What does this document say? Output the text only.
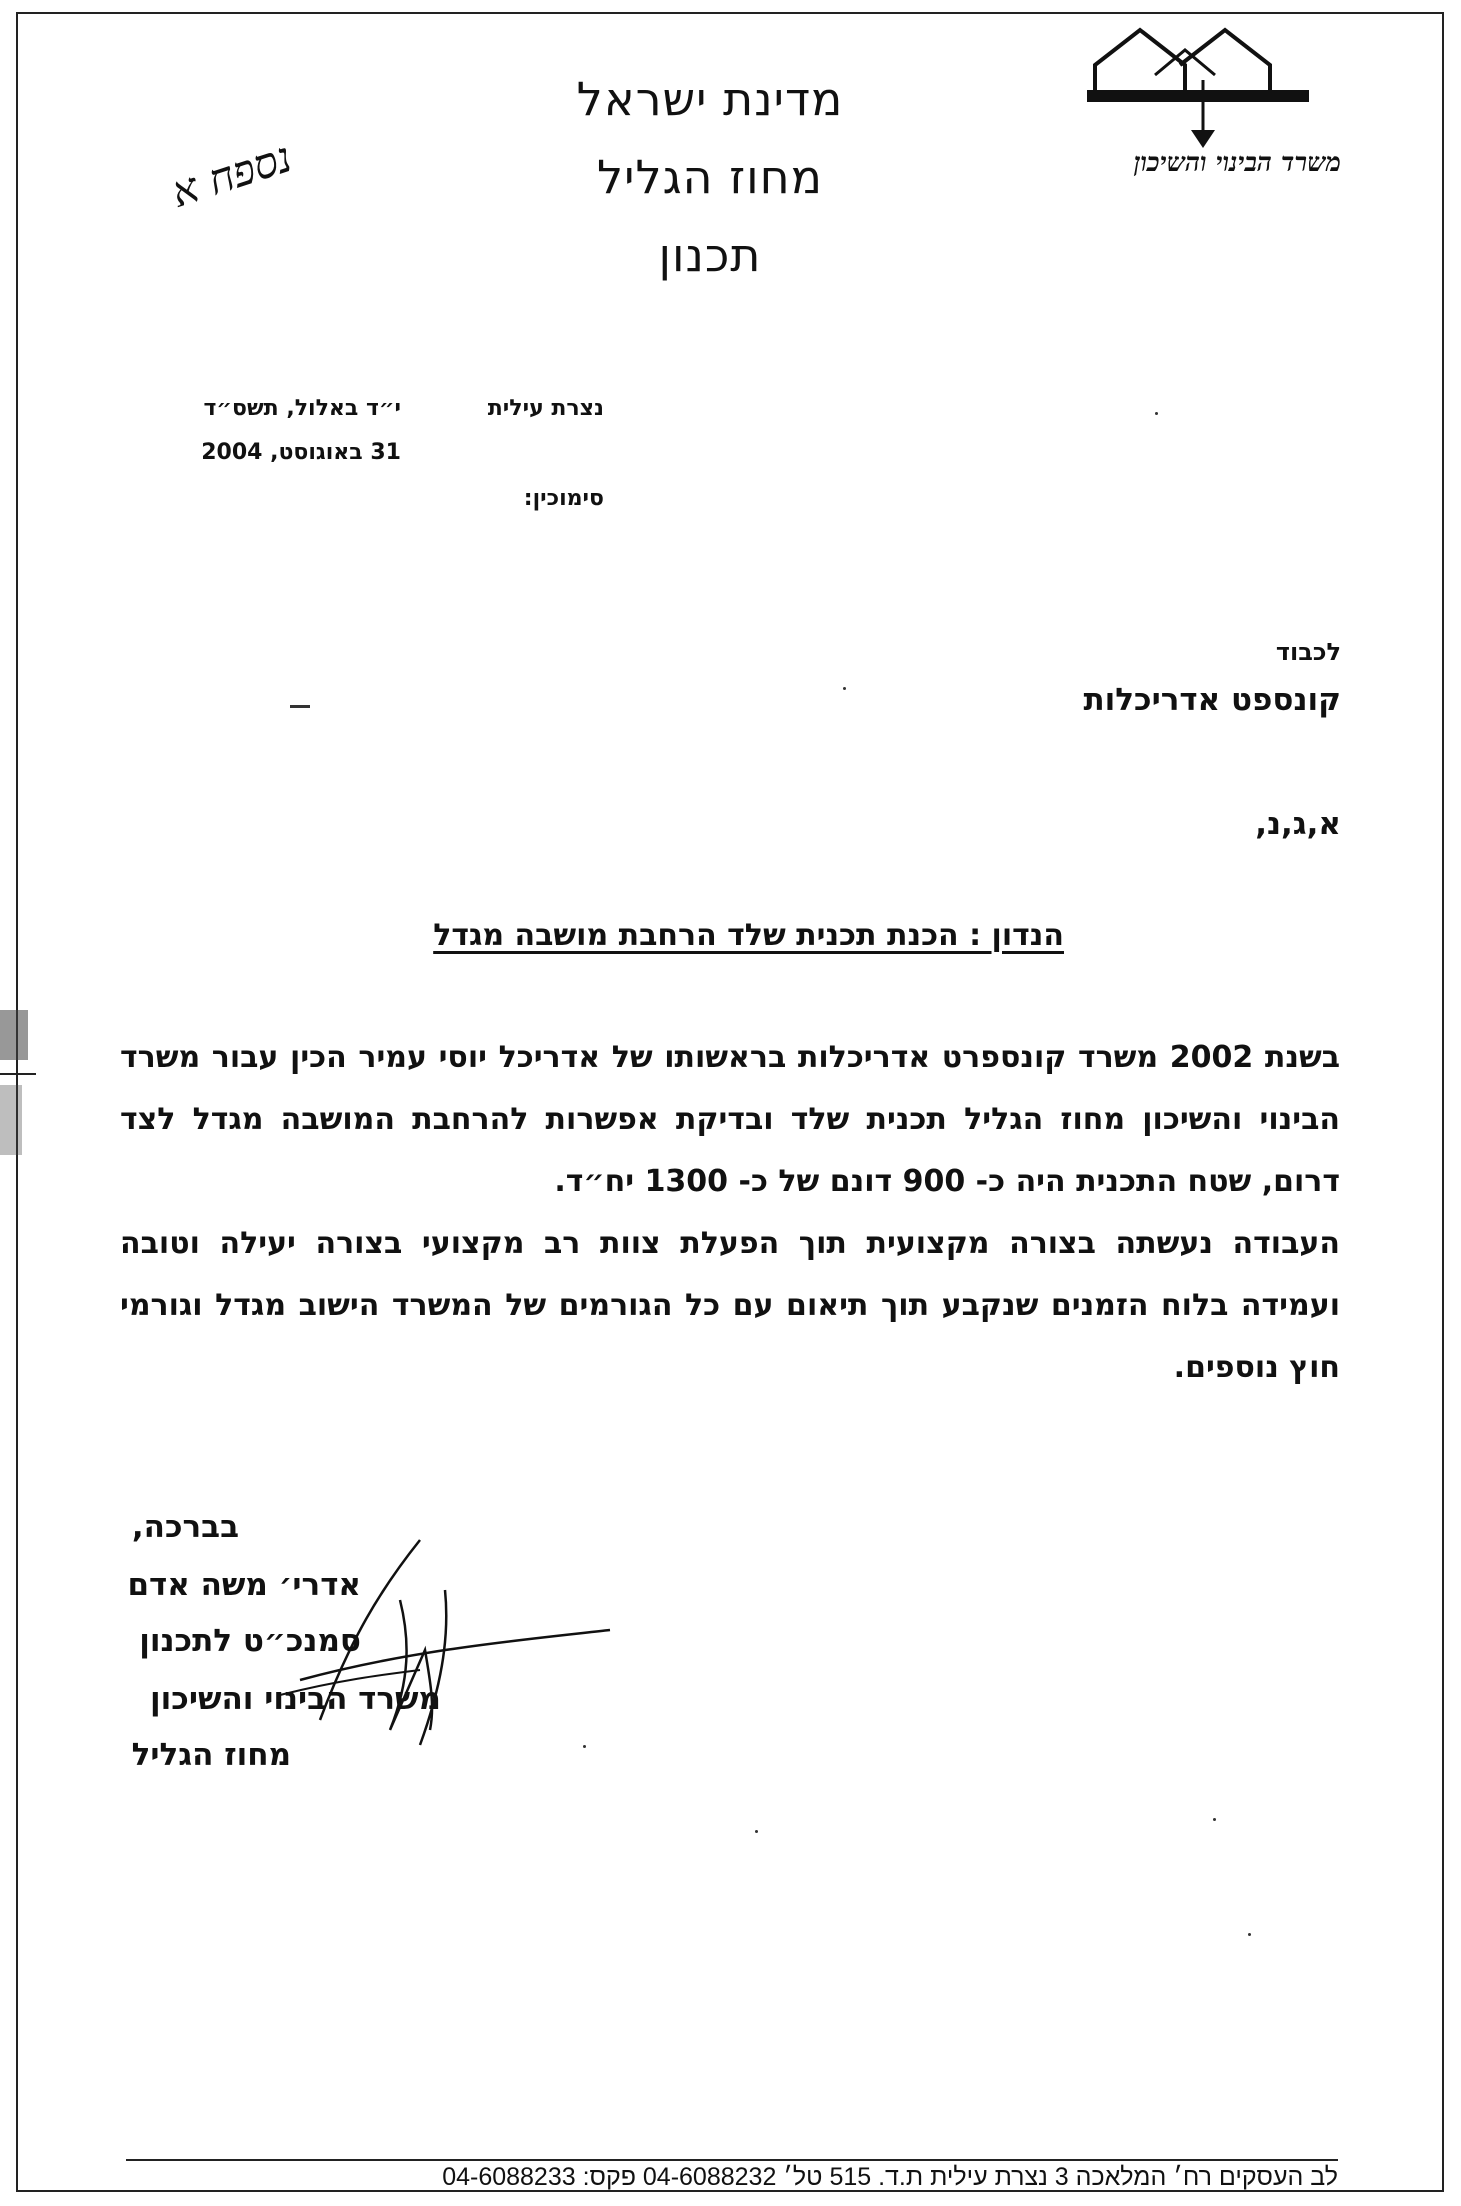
משרד הבינוי והשיכון
מדינת ישראל
מחוז הגליל
תכנון
נספח א
נצרת עילית
י״ד באלול, תשס״ד
31 באוגוסט, 2004
סימוכין:
לכבוד
קונספט אדריכלות
א,ג,נ,
הנדון : הכנת תכנית שלד הרחבת מושבה מגדל
בשנת 2002 משרד קונספרט אדריכלות בראשותו של אדריכל יוסי עמיר הכין עבור משרד הבינוי והשיכון מחוז הגליל תכנית שלד ובדיקת אפשרות להרחבת המושבה מגדל לצד דרום, שטח התכנית היה כ- 900 דונם של כ- 1300 יח״ד.
העבודה נעשתה בצורה מקצועית תוך הפעלת צוות רב מקצועי בצורה יעילה וטובה ועמידה בלוח הזמנים שנקבע תוך תיאום עם כל הגורמים של המשרד הישוב מגדל וגורמי חוץ נוספים.
בברכה,
אדרי׳ משה אדם
סמנכ״ט לתכנון
משרד הבינוי והשיכון
מחוז הגליל
לב העסקים רח׳ המלאכה 3 נצרת עילית ת.ד. 515 טל׳ 04-6088232 פקס: 04-6088233
